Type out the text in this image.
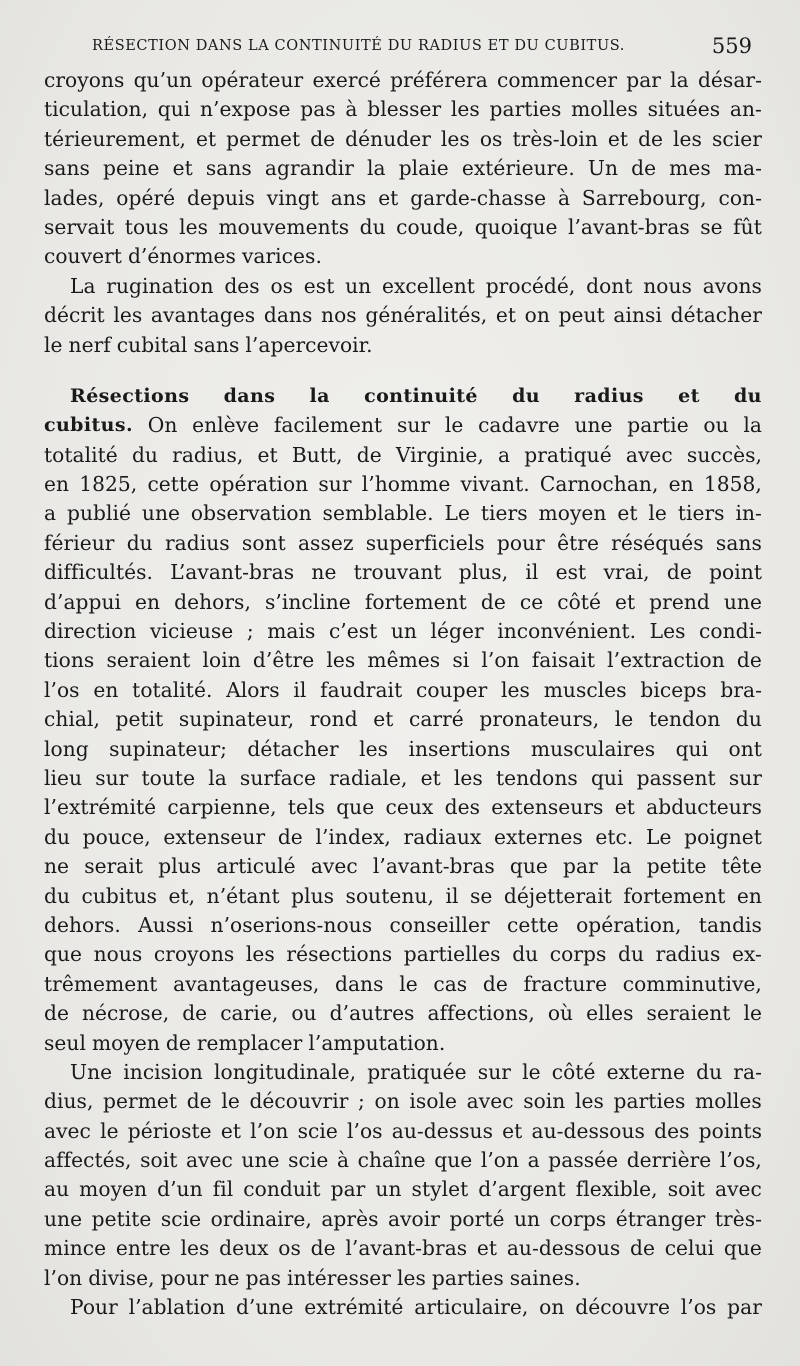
RÉSECTION DANS LA CONTINUITÉ DU RADIUS ET DU CUBITUS.	559
croyons qu’un opérateur exercé préférera commencer par la désar-
ticulation, qui n’expose pas à blesser les parties molles situées an-
térieurement, et permet de dénuder les os très-loin et de les scier
sans peine et sans agrandir la plaie extérieure. Un de mes ma-
lades, opéré depuis vingt ans et garde-chasse à Sarrebourg, con-
servait tous les mouvements du coude, quoique l’avant-bras se fût
couvert d’énormes varices.
La rugination des os est un excellent procédé, dont nous avons
décrit les avantages dans nos généralités, et on peut ainsi détacher
le nerf cubital sans l’apercevoir.
Résections dans la continuité du radius et du
cubitus. On enlève facilement sur le cadavre une partie ou la
totalité du radius, et Butt, de Virginie, a pratiqué avec succès,
en 1825, cette opération sur l’homme vivant. Carnochan, en 1858,
a publié une observation semblable. Le tiers moyen et le tiers in-
férieur du radius sont assez superficiels pour être réséqués sans
difficultés. L’avant-bras ne trouvant plus, il est vrai, de point
d’appui en dehors, s’incline fortement de ce côté et prend une
direction vicieuse ; mais c’est un léger inconvénient. Les condi-
tions seraient loin d’être les mêmes si l’on faisait l’extraction de
l’os en totalité. Alors il faudrait couper les muscles biceps bra-
chial, petit supinateur, rond et carré pronateurs, le tendon du
long supinateur; détacher les insertions musculaires qui ont
lieu sur toute la surface radiale, et les tendons qui passent sur
l’extrémité carpienne, tels que ceux des extenseurs et abducteurs
du pouce, extenseur de l’index, radiaux externes etc. Le poignet
ne serait plus articulé avec l’avant-bras que par la petite tête
du cubitus et, n’étant plus soutenu, il se déjetterait fortement en
dehors. Aussi n’oserions-nous conseiller cette opération, tandis
que nous croyons les résections partielles du corps du radius ex-
trêmement avantageuses, dans le cas de fracture comminutive,
de nécrose, de carie, ou d’autres affections, où elles seraient le
seul moyen de remplacer l’amputation.
Une incision longitudinale, pratiquée sur le côté externe du ra-
dius, permet de le découvrir ; on isole avec soin les parties molles
avec le périoste et l’on scie l’os au-dessus et au-dessous des points
affectés, soit avec une scie à chaîne que l’on a passée derrière l’os,
au moyen d’un fil conduit par un stylet d’argent flexible, soit avec
une petite scie ordinaire, après avoir porté un corps étranger très-
mince entre les deux os de l’avant-bras et au-dessous de celui que
l’on divise, pour ne pas intéresser les parties saines.
Pour l’ablation d’une extrémité articulaire, on découvre l’os par
